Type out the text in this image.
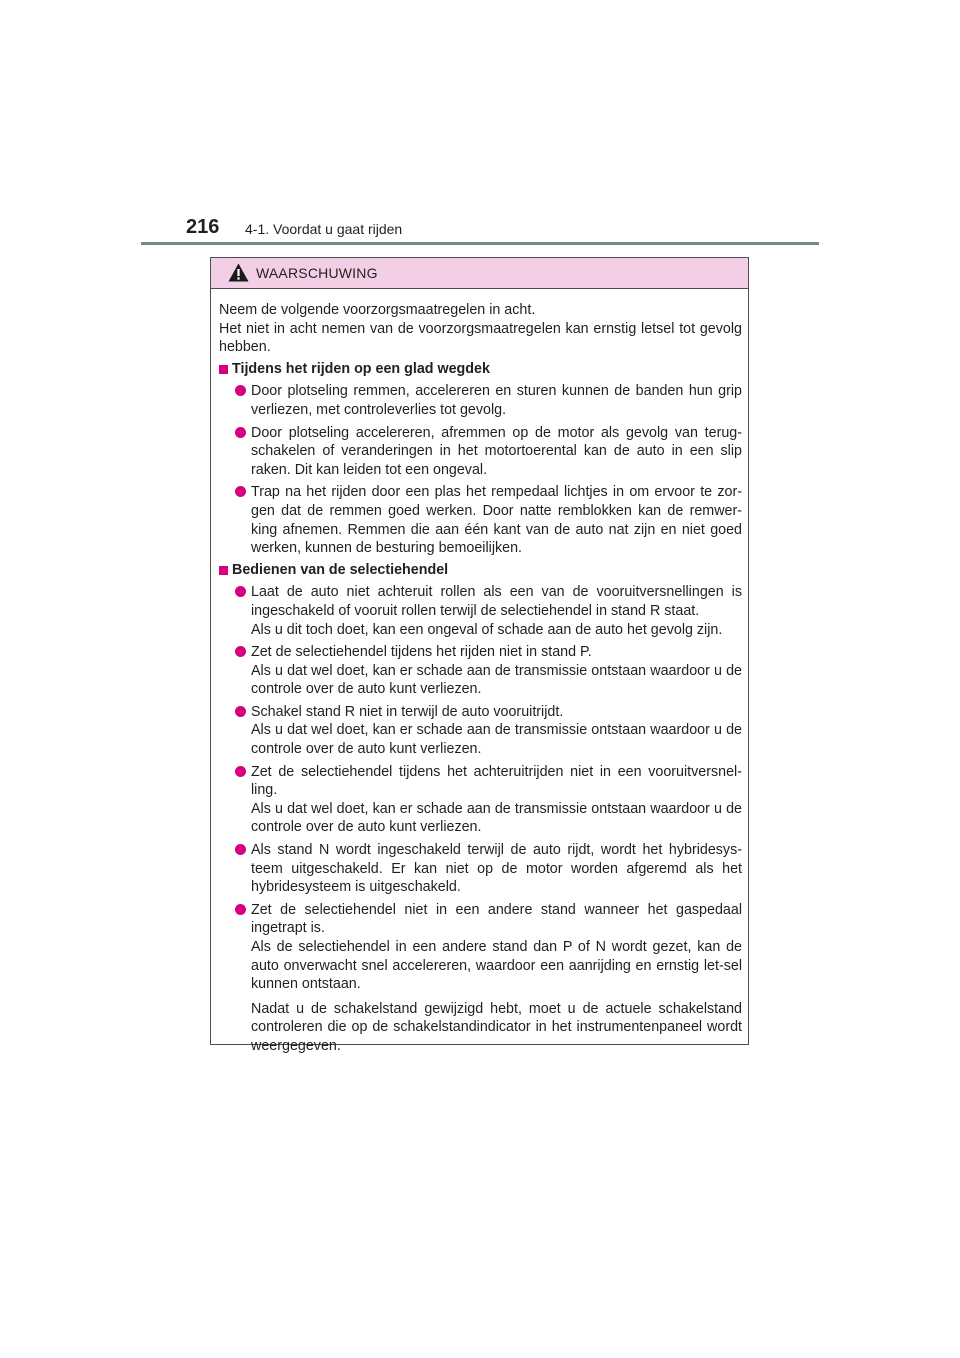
216 4-1. Voordat u gaat rijden
WAARSCHUWING

Neem de volgende voorzorgsmaatregelen in acht.

Het niet in acht nemen van de voorzorgsmaatregelen kan ernstig letsel tot gevolg hebben.

Tijdens het rijden op een glad wegdek

Door plotseling remmen, accelereren en sturen kunnen de banden hun grip verliezen, met controleverlies tot gevolg.

Door plotseling accelereren, afremmen op de motor als gevolg van terug-schakelen of veranderingen in het motortoerental kan de auto in een slip raken. Dit kan leiden tot een ongeval.

Trap na het rijden door een plas het rempedaal lichtjes in om ervoor te zor-gen dat de remmen goed werken. Door natte remblokken kan de remwer-king afnemen. Remmen die aan één kant van de auto nat zijn en niet goed werken, kunnen de besturing bemoeilijken.

Bedienen van de selectiehendel

Laat de auto niet achteruit rollen als een van de vooruitversnellingen is ingeschakeld of vooruit rollen terwijl de selectiehendel in stand R staat.

Als u dit toch doet, kan een ongeval of schade aan de auto het gevolg zijn.

Zet de selectiehendel tijdens het rijden niet in stand P.

Als u dat wel doet, kan er schade aan de transmissie ontstaan waardoor u de controle over de auto kunt verliezen.

Schakel stand R niet in terwijl de auto vooruitrijdt.

Als u dat wel doet, kan er schade aan de transmissie ontstaan waardoor u de controle over de auto kunt verliezen.

Zet de selectiehendel tijdens het achteruitrijden niet in een vooruitversnel-ling.

Als u dat wel doet, kan er schade aan de transmissie ontstaan waardoor u de controle over de auto kunt verliezen.

Als stand N wordt ingeschakeld terwijl de auto rijdt, wordt het hybridesys-teem uitgeschakeld. Er kan niet op de motor worden afgeremd als het hybridesysteem is uitgeschakeld.

Zet de selectiehendel niet in een andere stand wanneer het gaspedaal ingetrapt is.

Als de selectiehendel in een andere stand dan P of N wordt gezet, kan de auto onverwacht snel accelereren, waardoor een aanrijding en ernstig let-sel kunnen ontstaan.

Nadat u de schakelstand gewijzigd hebt, moet u de actuele schakelstand controleren die op de schakelstandindicator in het instrumentenpaneel wordt weergegeven.
